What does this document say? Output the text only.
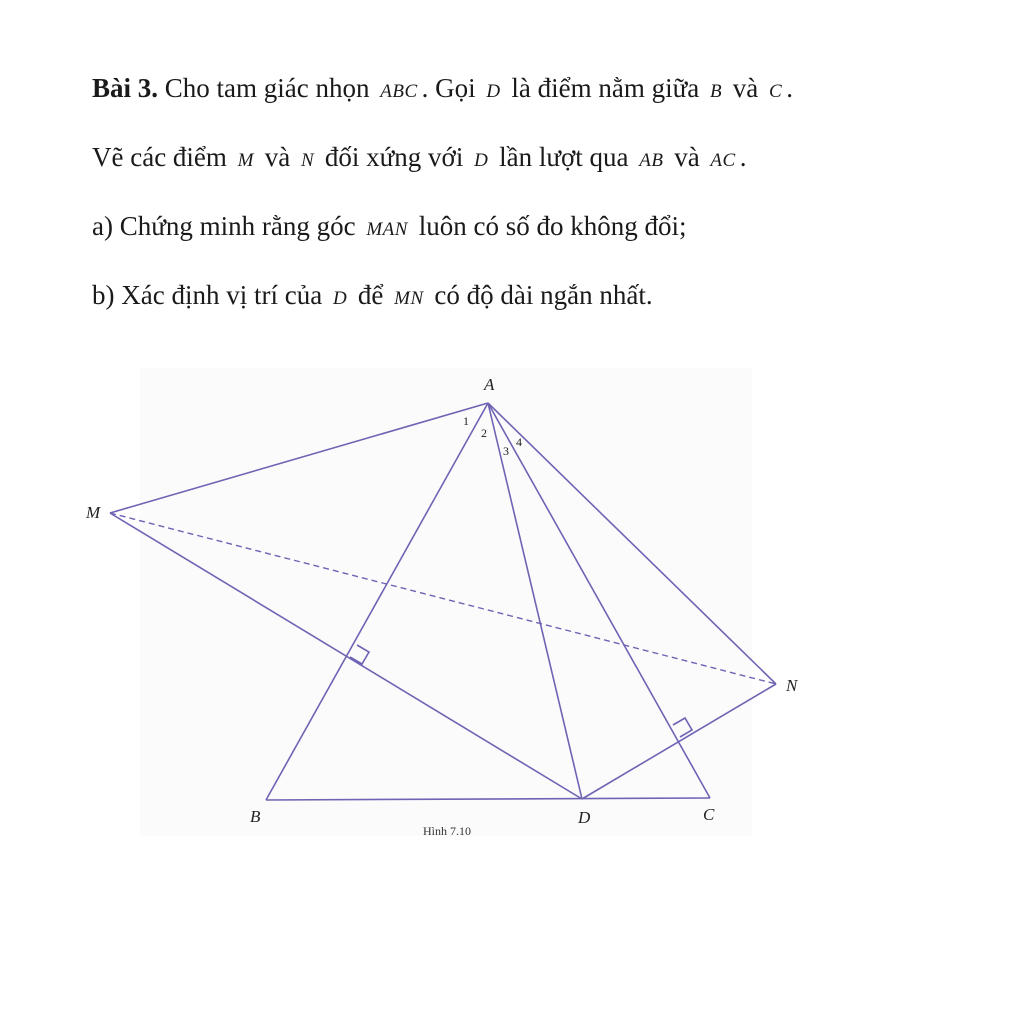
Bài 3. Cho tam giác nhọn ABC . Gọi D là điểm nằm giữa B và C .
Vẽ các điểm M và N đối xứng với D lần lượt qua AB và AC .
a) Chứng minh rằng góc MAN luôn có số đo không đổi;
b) Xác định vị trí của D để MN có độ dài ngắn nhất.
A
B	C
D
M
N
1
2
3
4
Hình 7.10
